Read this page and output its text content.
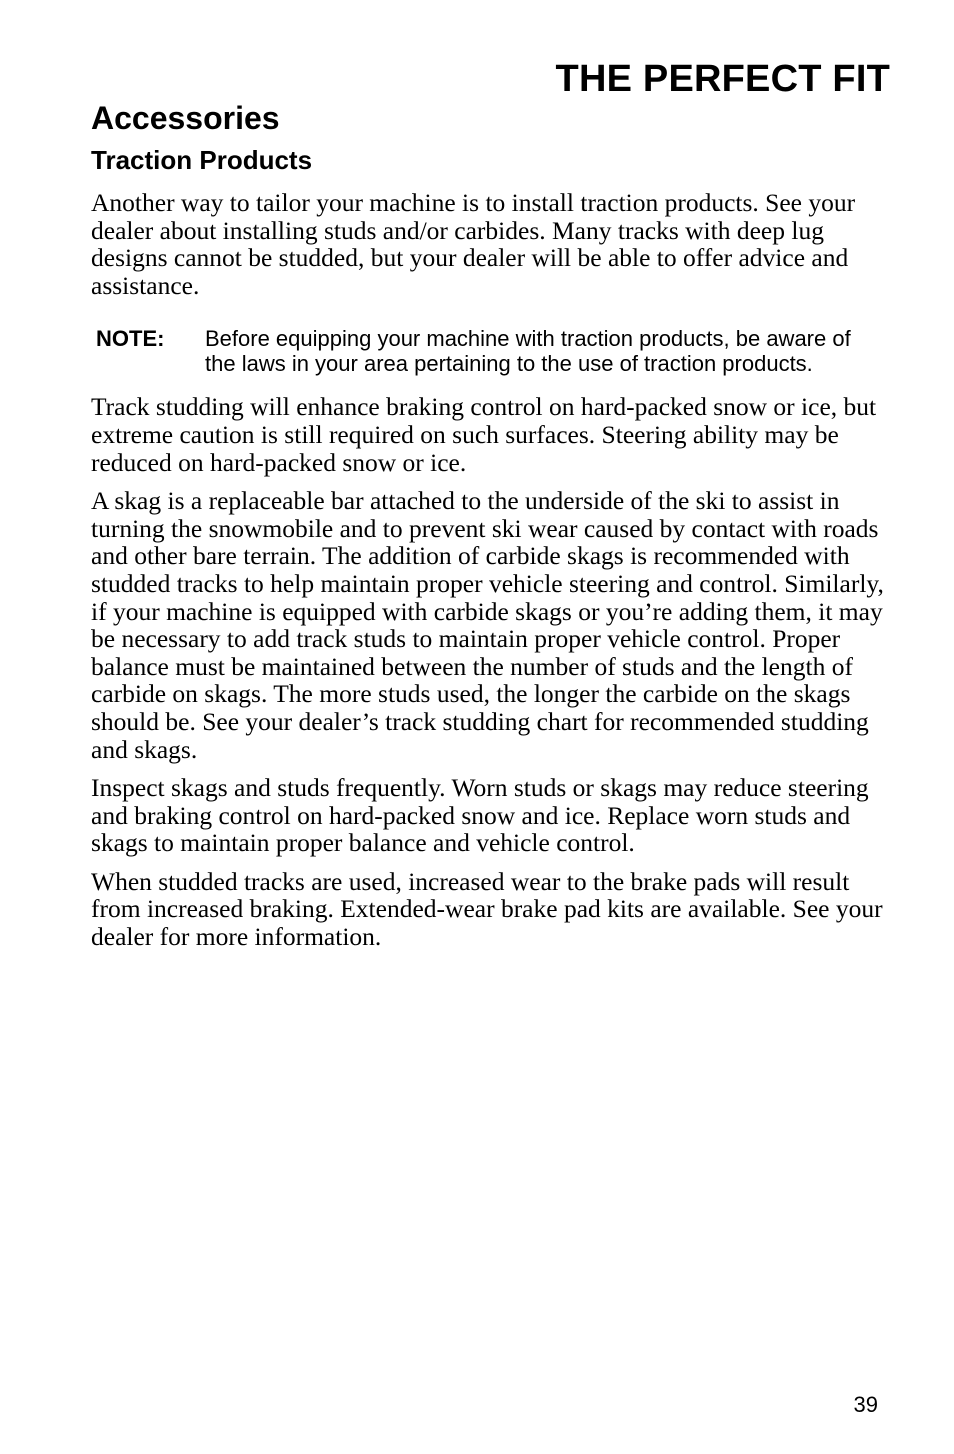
THE PERFECT FIT
Accessories
Traction Products

Another way to tailor your machine is to install traction products. See your dealer about installing studs and/or carbides. Many tracks with deep lug designs cannot be studded, but your dealer will be able to offer advice and assistance.

NOTE:	Before equipping your machine with traction products, be aware of the laws in your area pertaining to the use of traction products.

Track studding will enhance braking control on hard-packed snow or ice, but extreme caution is still required on such surfaces. Steering ability may be reduced on hard-packed snow or ice.

A skag is a replaceable bar attached to the underside of the ski to assist in turning the snowmobile and to prevent ski wear caused by contact with roads and other bare terrain. The addition of carbide skags is recommended with studded tracks to help maintain proper vehicle steering and control. Similarly, if your machine is equipped with carbide skags or you’re adding them, it may be necessary to add track studs to maintain proper vehicle control. Proper balance must be maintained between the number of studs and the length of carbide on skags. The more studs used, the longer the carbide on the skags should be. See your dealer’s track studding chart for recommended studding and skags.

Inspect skags and studs frequently. Worn studs or skags may reduce steering and braking control on hard-packed snow and ice. Replace worn studs and skags to maintain proper balance and vehicle control.

When studded tracks are used, increased wear to the brake pads will result from increased braking. Extended-wear brake pad kits are available. See your dealer for more information.

39
